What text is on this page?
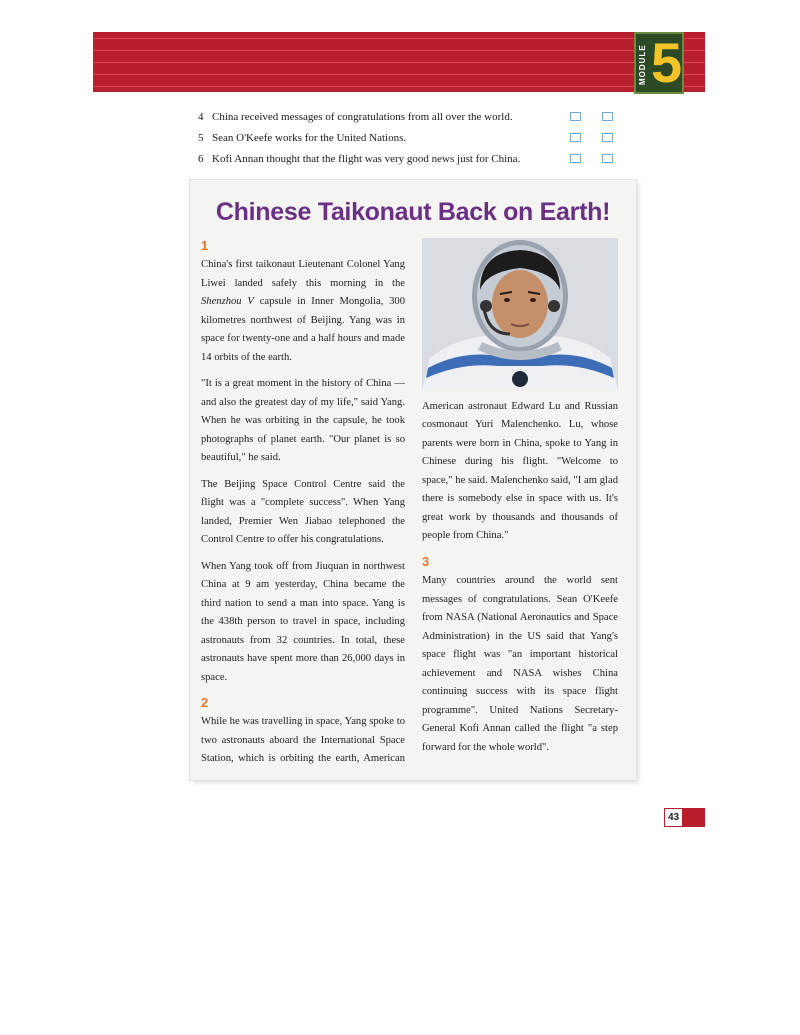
MODULE 5
4 China received messages of congratulations from all over the world.
5 Sean O'Keefe works for the United Nations.
6 Kofi Annan thought that the flight was very good news just for China.
Chinese Taikonaut Back on Earth!
1

China's first taikonaut Lieutenant Colonel Yang Liwei landed safely this morning in the Shenzhou V capsule in Inner Mongolia, 300 kilometres northwest of Beijing. Yang was in space for twenty-one and a half hours and made 14 orbits of the earth.

"It is a great moment in the history of China — and also the greatest day of my life," said Yang. When he was orbiting in the capsule, he took photographs of planet earth. "Our planet is so beautiful," he said.

The Beijing Space Control Centre said the flight was a "complete success". When Yang landed, Premier Wen Jiabao telephoned the Control Centre to offer his congratulations.

When Yang took off from Jiuquan in northwest China at 9 am yesterday, China became the third nation to send a man into space. Yang is the 438th person to travel in space, including astronauts from 32 countries. In total, these astronauts have spent more than 26,000 days in space.

2

While he was travelling in space, Yang spoke to two astronauts aboard the International Space Station, which is orbiting the earth, American

American astronaut Edward Lu and Russian cosmonaut Yuri Malenchenko. Lu, whose parents were born in China, spoke to Yang in Chinese during his flight. "Welcome to space," he said. Malenchenko said, "I am glad there is somebody else in space with us. It's great work by thousands and thousands of people from China."

3

Many countries around the world sent messages of congratulations. Sean O'Keefe from NASA (National Aeronautics and Space Administration) in the US said that Yang's space flight was "an important historical achievement and NASA wishes China continuing success with its space flight programme". United Nations Secretary-General Kofi Annan called the flight "a step forward for the whole world".

43
